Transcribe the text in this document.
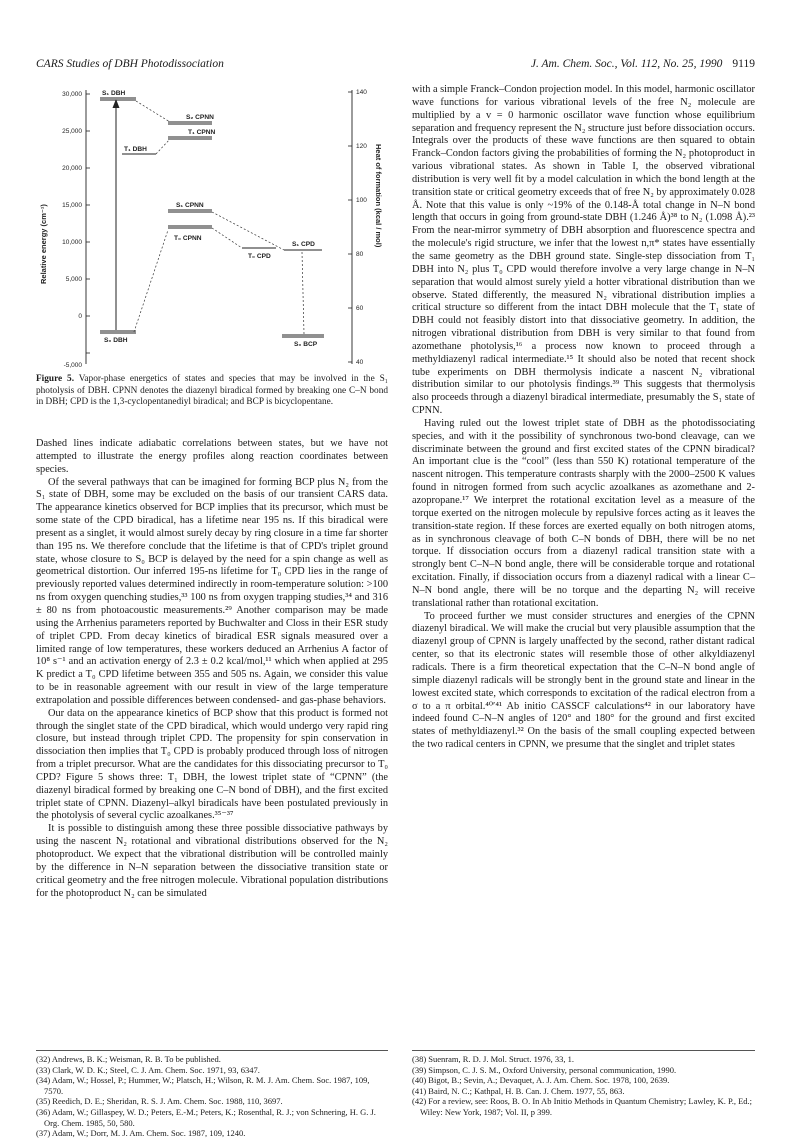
CARS Studies of DBH Photodissociation	J. Am. Chem. Soc., Vol. 112, No. 25, 1990 9119
30,000
25,000
20,000
15,000
10,000
5,000
0
-5,000
140
120
100
80
60
40
Relative energy (cm⁻¹)	Heat of formation (kcal / mol)
S₁ DBH
S₂ CPNN
T₁ CPNN
T₁ DBH
S₁ CPNN
T₀ CPNN
S₁ CPD
T₀ CPD
S₀ DBH
S₀ BCP
Figure 5. Vapor-phase energetics of states and species that may be involved in the S₁ photolysis of DBH. CPNN denotes the diazenyl biradical formed by breaking one C–N bond in DBH; CPD is the 1,3-cyclopentanediyl biradical; and BCP is bicyclopentane.

Dashed lines indicate adiabatic correlations between states, but we have not attempted to illustrate the energy profiles along reaction coordinates between species.

Of the several pathways that can be imagined for forming BCP plus N₂ from the S₁ state of DBH, some may be excluded on the basis of our transient CARS data. The appearance kinetics observed for BCP implies that its precursor, which must be some state of the CPD biradical, has a lifetime near 195 ns. If this biradical were present as a singlet, it would almost surely decay by ring closure in a time far shorter than 195 ns. We therefore conclude that the lifetime is that of CPD's triplet ground state, whose closure to S₀ BCP is delayed by the need for a spin change as well as geometrical distortion. Our inferred 195-ns lifetime for T₀ CPD lies in the range of previously reported values determined indirectly in room-temperature solution: >100 ns from oxygen quenching studies,³³ 100 ns from oxygen trapping studies,³⁴ and 316 ± 80 ns from photoacoustic measurements.²⁹ Another comparison may be made using the Arrhenius parameters reported by Buchwalter and Closs in their ESR study of triplet CPD. From decay kinetics of biradical ESR signals measured over a limited range of low temperatures, these workers deduced an Arrhenius A factor of 10⁸ s⁻¹ and an activation energy of 2.3 ± 0.2 kcal/mol,¹¹ which when applied at 295 K predict a T₀ CPD lifetime between 355 and 505 ns. Again, we consider this value to be in reasonable agreement with our result in view of the large temperature extrapolation and possible differences between condensed- and gas-phase behaviors.

Our data on the appearance kinetics of BCP show that this product is formed not through the singlet state of the CPD biradical, which would undergo very rapid ring closure, but instead through triplet CPD. The propensity for spin conservation in dissociation then implies that T₀ CPD is probably produced through loss of nitrogen from a triplet precursor. What are the candidates for this dissociating precursor to T₀ CPD? Figure 5 shows three: T₁ DBH, the lowest triplet state of “CPNN” (the diazenyl biradical formed by breaking one C–N bond of DBH), and the first excited triplet state of CPNN. Diazenyl–alkyl biradicals have been postulated previously in the photolysis of several cyclic azoalkanes.³⁵⁻³⁷

It is possible to distinguish among these three possible dissociative pathways by using the nascent N₂ rotational and vibrational distributions observed for the N₂ photoproduct. We expect that the vibrational distribution will be controlled mainly by the difference in N–N separation between the dissociative transition state or critical geometry and the free nitrogen molecule. Vibrational population distributions for the photoproduct N₂ can be simulated

with a simple Franck–Condon projection model. In this model, harmonic oscillator wave functions for various vibrational levels of the free N₂ molecule are multiplied by a v = 0 harmonic oscillator wave function whose equilibrium separation and frequency represent the N₂ structure just before dissociation occurs. Integrals over the products of these wave functions are then squared to obtain Franck–Condon factors giving the probabilities of forming the N₂ photoproduct in various vibrational states. As shown in Table I, the observed vibrational distribution is very well fit by a model calculation in which the bond length at the transition state or critical geometry exceeds that of free N₂ by approximately 0.028 Å. Note that this value is only ~19% of the 0.148-Å total change in N–N bond length that occurs in going from ground-state DBH (1.246 Å)³⁸ to N₂ (1.098 Å).²³ From the near-mirror symmetry of DBH absorption and fluorescence spectra and the molecule's rigid structure, we infer that the lowest n,π* states have essentially the same geometry as the DBH ground state. Single-step dissociation from T₁ DBH into N₂ plus T₀ CPD would therefore involve a very large change in N–N separation that would almost surely yield a hotter vibrational distribution than we observe. Stated differently, the measured N₂ vibrational distribution implies a critical structure so different from the intact DBH molecule that the T₁ state of DBH could not feasibly distort into that dissociative geometry. In addition, the nitrogen vibrational distribution from DBH is very similar to that found from azomethane photolysis,¹⁶ a process now known to proceed through a methyldiazenyl radical intermediate.¹⁵ It should also be noted that recent shock tube experiments on DBH thermolysis indicate a nascent N₂ vibrational distribution similar to our photolysis findings.³⁹ This suggests that thermolysis also proceeds through a diazenyl biradical intermediate, presumably the S₁ state of CPNN.

Having ruled out the lowest triplet state of DBH as the photodissociating species, and with it the possibility of synchronous two-bond cleavage, can we discriminate between the ground and first excited states of the CPNN biradical? An important clue is the “cool” (less than 550 K) rotational temperature of the nascent nitrogen. This temperature contrasts sharply with the 2000–2500 K values found in nitrogen formed from such acyclic azoalkanes as azomethane and 2-azopropane.¹⁷ We interpret the rotational excitation level as a measure of the torque exerted on the nitrogen molecule by repulsive forces acting as it leaves the transition-state region. If these forces are exerted equally on both nitrogen atoms, as in synchronous cleavage of both C–N bonds of DBH, there will be no net torque. If dissociation occurs from a diazenyl radical transition state with a strongly bent C–N–N bond angle, there will be considerable torque and rotational excitation. Finally, if dissociation occurs from a diazenyl radical with a linear C–N–N bond angle, there will be no torque and the departing N₂ will receive translational rather than rotational excitation.

To proceed further we must consider structures and energies of the CPNN diazenyl biradical. We will make the crucial but very plausible assumption that the diazenyl group of CPNN is largely unaffected by the second, rather distant radical center, so that its electronic states will resemble those of other alkyldiazenyl radicals. There is a firm theoretical expectation that the C–N–N bond angle of simple diazenyl radicals will be strongly bent in the ground state and linear in the lowest excited state, which corresponds to excitation of the radical electron from a σ to a π orbital.⁴⁰ʹ⁴¹ Ab initio CASSCF calculations⁴² in our laboratory have indeed found C–N–N angles of 120° and 180° for the ground and first excited states of methyldiazenyl.³² On the basis of the small coupling expected between the two radical centers in CPNN, we presume that the singlet and triplet states

(32) Andrews, B. K.; Weisman, R. B. To be published.
(33) Clark, W. D. K.; Steel, C. J. Am. Chem. Soc. 1971, 93, 6347.
(34) Adam, W.; Hossel, P.; Hummer, W.; Platsch, H.; Wilson, R. M. J. Am. Chem. Soc. 1987, 109, 7570.
(35) Reedich, D. E.; Sheridan, R. S. J. Am. Chem. Soc. 1988, 110, 3697.
(36) Adam, W.; Gillaspey, W. D.; Peters, E.-M.; Peters, K.; Rosenthal, R. J.; von Schnering, H. G. J. Org. Chem. 1985, 50, 580.
(37) Adam, W.; Dorr, M. J. Am. Chem. Soc. 1987, 109, 1240.
(38) Suenram, R. D. J. Mol. Struct. 1976, 33, 1.
(39) Simpson, C. J. S. M., Oxford University, personal communication, 1990.
(40) Bigot, B.; Sevin, A.; Devaquet, A. J. Am. Chem. Soc. 1978, 100, 2639.
(41) Baird, N. C.; Kathpal, H. B. Can. J. Chem. 1977, 55, 863.
(42) For a review, see: Roos, B. O. In Ab Initio Methods in Quantum Chemistry; Lawley, K. P., Ed.; Wiley: New York, 1987; Vol. II, p 399.
